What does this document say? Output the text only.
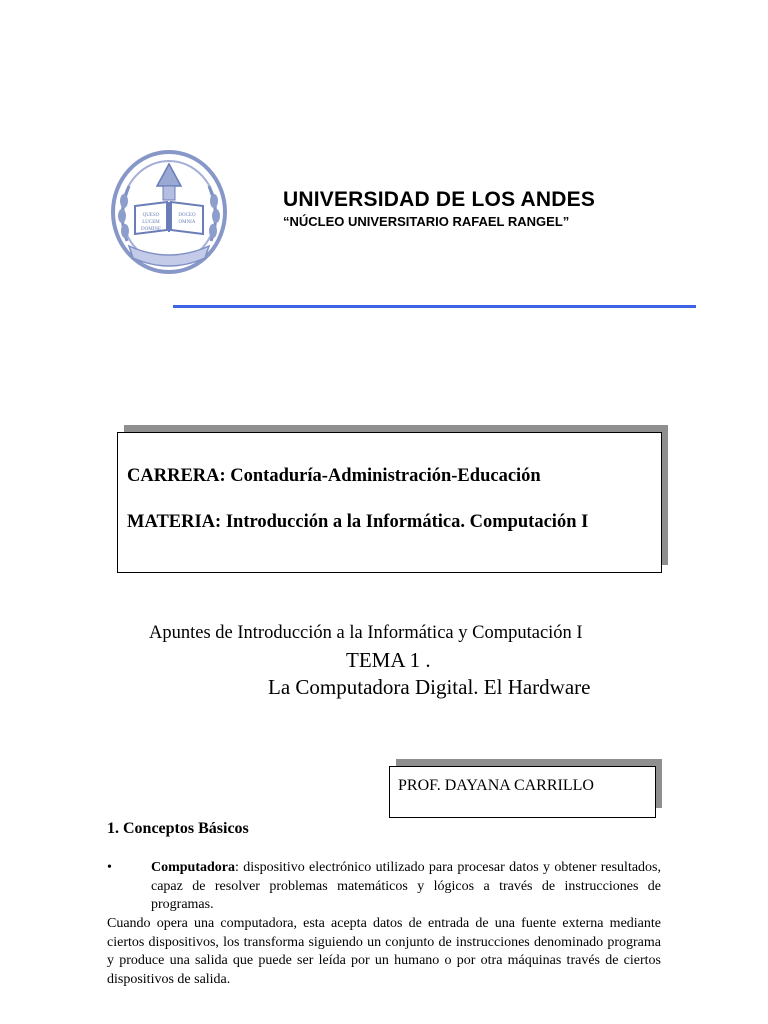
QUESO
LUCEM
DOMINE
DOCEO
OMNIA
UNIVERSIDAD DE LOS ANDES
“NÚCLEO UNIVERSITARIO RAFAEL RANGEL”
CARRERA: Contaduría-Administración-Educación
MATERIA: Introducción a la Informática. Computación I
Apuntes de Introducción a la Informática y Computación I
TEMA 1 .
La Computadora Digital. El Hardware
PROF. DAYANA CARRILLO
1. Conceptos Básicos
•	Computadora: dispositivo electrónico utilizado para procesar datos y obtener resultados, capaz de resolver problemas matemáticos y lógicos a través de instrucciones de programas.
Cuando opera una computadora, esta acepta datos de entrada de una fuente externa mediante ciertos dispositivos, los transforma siguiendo un conjunto de instrucciones denominado programa y produce una salida que puede ser leída por un humano o por otra máquinas través de ciertos dispositivos de salida.
